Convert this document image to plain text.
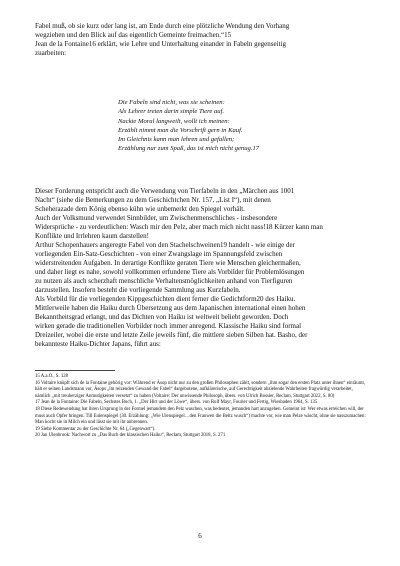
Fabel muß, ob sie kurz oder lang ist, am Ende durch eine plötzliche Wendung den Vorhang
wegziehen und den Blick auf das eigentlich Gemeinte freimachen.“15
Jean de la Fontaine16 erklärt, wie Lehre und Unterhaltung einander in Fabeln gegenseitig
zuarbeiten:

Die Fabeln sind nicht, was sie scheinen:
Als Lehrer treten darin simple Tiere auf.
Nackte Moral langweilt, wollt ich meinen:
Erzählt nimmt man die Vorschrift gern in Kauf.
Im Gleichnis kann man lehren und gefallen;
Erzählung nur zum Spaß, das ist mich nicht genug.17

Dieser Forderung entspricht auch die Verwendung von Tierfabeln in den „Märchen aus 1001
Nacht“ (siehe die Bemerkungen zu dem Geschichtchen Nr. 157, „List I“), mit denen
Scheherazade dem König ebenso kühn wie unbemerkt den Spiegel vorhält.
Auch der Volksmund verwendet Sinnbilder, um Zwischenmenschliches - insbesondere
Widersprüche - zu verdeutlichen: Wasch mir den Pelz, aber mach mich nicht nass!18 Kürzer kann man
Konflikte und Irrlehren kaum darstellen!
Arthur Schopenhauers angeregte Fabel von den Stachelschweinen19 handelt - wie einige der
vorliegenden Ein-Satz-Geschichten - von einer Zwangslage im Spannungsfeld zwischen
widerstreitenden Aufgaben. In derartige Konflikte geraten Tiere wie Menschen gleichermaßen,
und daher liegt es nahe, sowohl vollkommen erfundene Tiere als Vorbilder für Problemlösungen
zu nutzen als auch scherzhaft menschliche Verhaltensmöglichkeiten anhand von Tierfiguren
darzustellen. Insofern besteht die vorliegende Sammlung aus Kurzfabeln.
Als Vorbild für die vorliegenden Kippgeschichten dient ferner die Gedichtform20 des Haiku.
Mittlerweile haben die Haiku durch Übersetzung aus dem Japanischen international einen hohen
Bekanntheitsgrad erlangt, und das Dichten von Haiku ist weltweit beliebt geworden. Doch
wirken gerade die traditionellen Vorbilder noch immer anregend. Klassische Haiku sind formal
Dreizeiler, wobei die erste und letzte Zeile jeweils fünf, die mittlere sieben Silben hat. Basho, der
bekannteste Haiku-Dichter Japans, führt aus:

15 A.a.O., S. 128
16 Voltaire knüpft sich de la Fontaine gehörig vor: Während er Äsop nicht nur zu den großen Philosophen zählt, sondern „ihm sogar den ersten Platz unter ihnen“ einräumt, hält er seinen Landsmann vor, Äsops „im reizenden Gewand der Fabel“ dargebotene, aufklärerische, auf Gerechtigkeit abzielende Wahrheiten fragwürdig verarbeitet, nämlich „mit treuherziger Anmutigkeiten versetzt“ zu haben (Voltaire: Der unwissende Philosoph, übers. von Ulrich Bossier, Reclam, Stuttgart 2022, S. 80)
17 Jean de la Fontaine: Die Fabeln, Sechstes Buch, 1. „Der Hirt und der Löwe“, übers. von Rolf Mayr, Fourier und Fertig, Wiesbaden 1964, S. 135
18 Diese Redewendung hat ihren Ursprung in der Formel jemandem den Pelz waschen, was bedeutet, jemanden hart anzugehen. Gemeint ist: Wer etwas erreichen will, der muss auch Opfer bringen. Till Eulenspiegel (30. Erzählung: „Wie Ulenspiegel…den Frauwen die Beltz wusch“) machte vor, wie man Pelze wäscht, ohne sie nasszumachen: Man kocht sie in Milch ein und lässt sie mit ihr anbrennen.
19 Siehe Kommentar zu der Geschichte Nr. 64 („Gegenwart“).
20 Jan Ulenbrook: Nachwort zu „Das Buch der klassischen Haiku“, Reclam, Stuttgart 2018, S. 271
6
